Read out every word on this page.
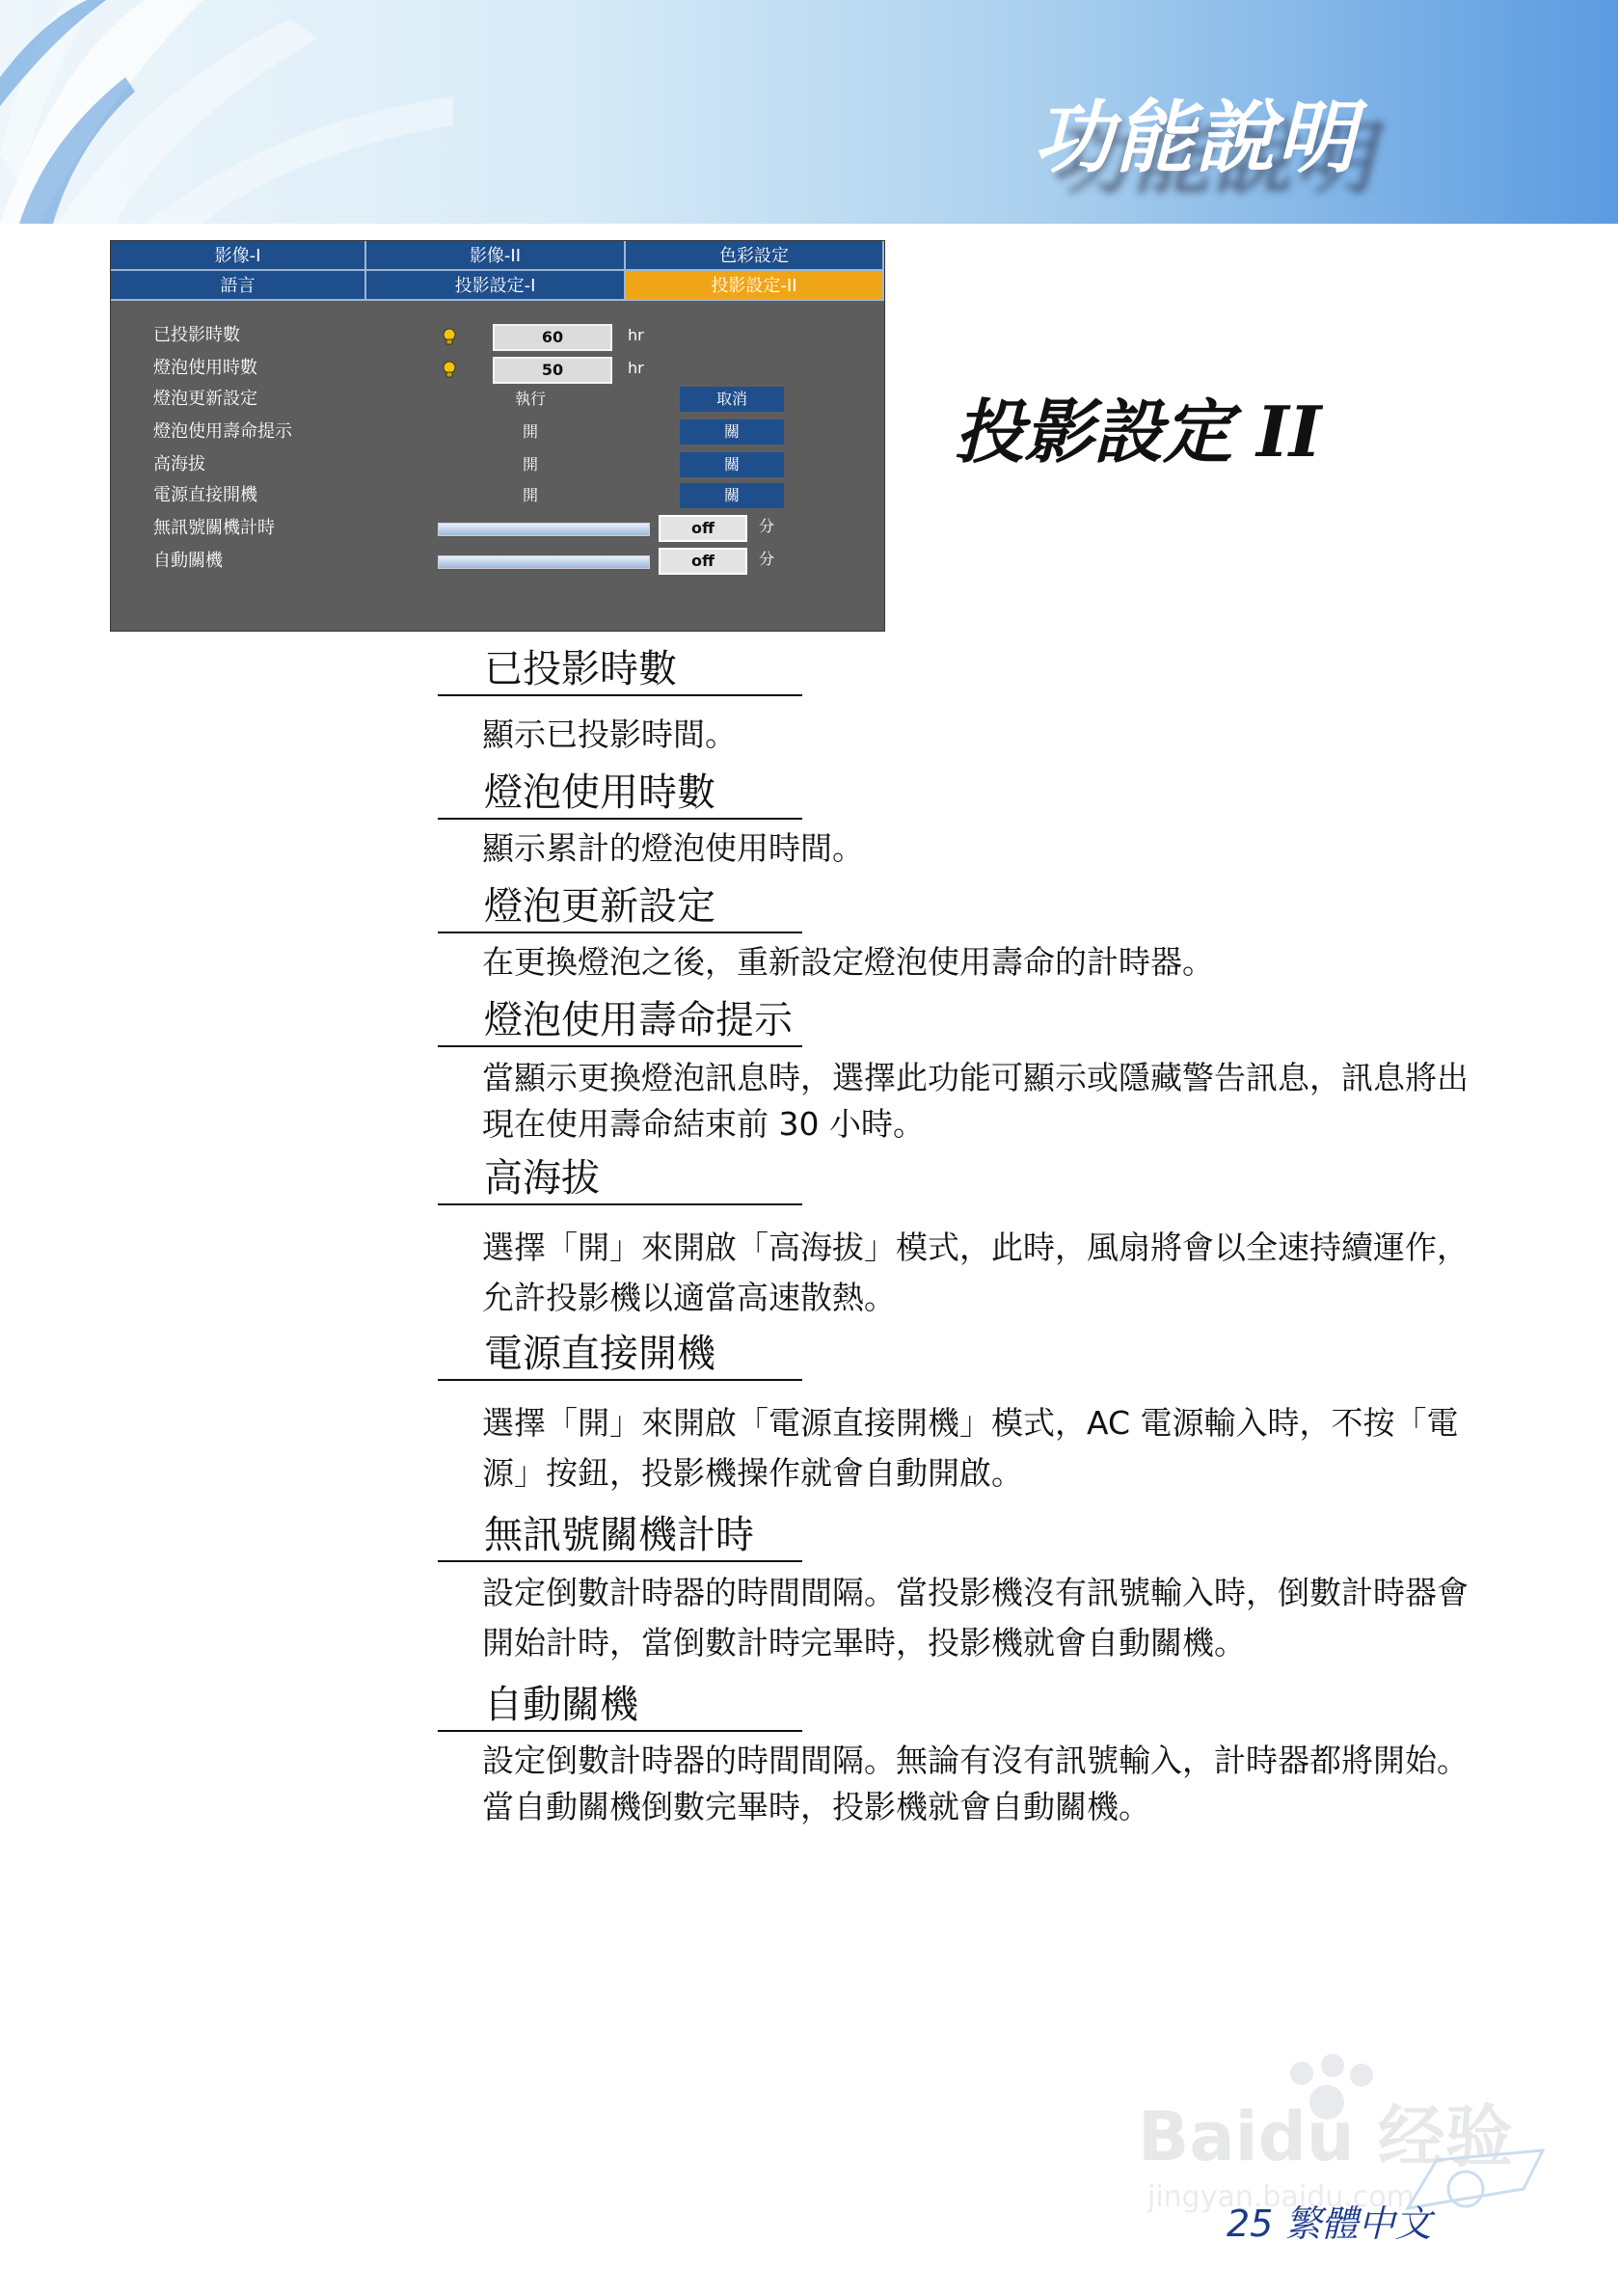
功能說明
影像-I	影像-II	色彩設定
語言	投影設定-I	投影設定-II
已投影時數	60	hr
燈泡使用時數	50	hr
燈泡更新設定	執行	取消
燈泡使用壽命提示	開	關
高海拔	開	關
電源直接開機	開	關
無訊號關機計時	off	分
自動關機	off	分
投影設定 II
已投影時數
顯示已投影時間。
燈泡使用時數
顯示累計的燈泡使用時間。
燈泡更新設定
在更換燈泡之後，重新設定燈泡使用壽命的計時器。
燈泡使用壽命提示
當顯示更換燈泡訊息時，選擇此功能可顯示或隱藏警告訊息，訊息將出現在使用壽命結束前 30 小時。
高海拔
選擇「開」來開啟「高海拔」模式，此時，風扇將會以全速持續運作，允許投影機以適當高速散熱。
電源直接開機
選擇「開」來開啟「電源直接開機」模式，AC 電源輸入時，不按「電源」按鈕，投影機操作就會自動開啟。
無訊號關機計時
設定倒數計時器的時間間隔。當投影機沒有訊號輸入時，倒數計時器會開始計時，當倒數計時完畢時，投影機就會自動關機。
自動關機
設定倒數計時器的時間間隔。無論有沒有訊號輸入，計時器都將開始。當自動關機倒數完畢時，投影機就會自動關機。
Baidu 经验
jingyan.baidu.com
25 繁體中文
